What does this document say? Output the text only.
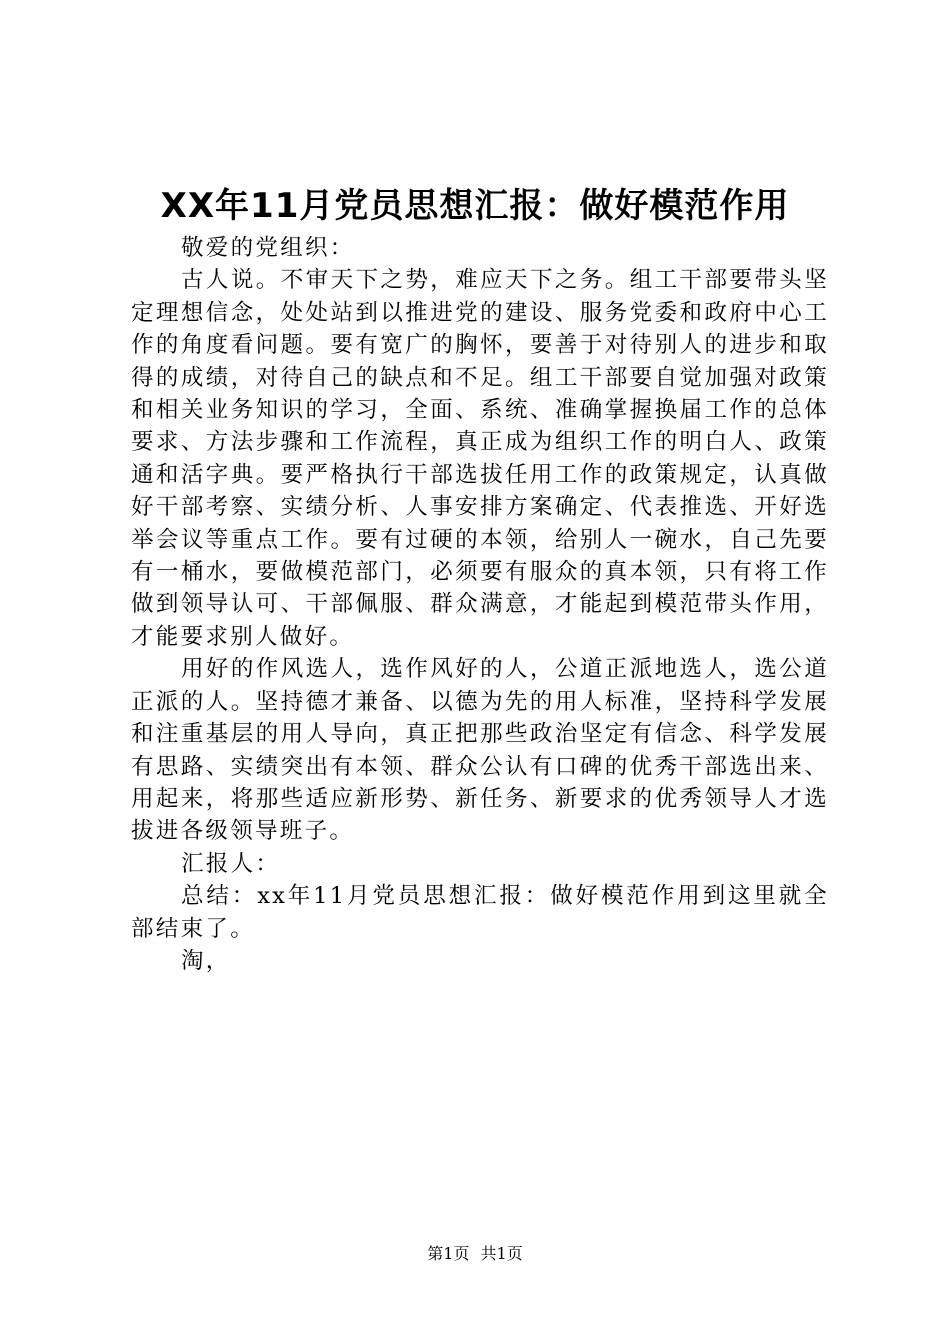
XX年11月党员思想汇报：做好模范作用

敬爱的党组织：

古人说。不审天下之势，难应天下之务。组工干部要带头坚定理想信念，处处站到以推进党的建设、服务党委和政府中心工作的角度看问题。要有宽广的胸怀，要善于对待别人的进步和取得的成绩，对待自己的缺点和不足。组工干部要自觉加强对政策和相关业务知识的学习，全面、系统、准确掌握换届工作的总体要求、方法步骤和工作流程，真正成为组织工作的明白人、政策通和活字典。要严格执行干部选拔任用工作的政策规定，认真做好干部考察、实绩分析、人事安排方案确定、代表推选、开好选举会议等重点工作。要有过硬的本领，给别人一碗水，自己先要有一桶水，要做模范部门，必须要有服众的真本领，只有将工作做到领导认可、干部佩服、群众满意，才能起到模范带头作用，才能要求别人做好。

用好的作风选人，选作风好的人，公道正派地选人，选公道正派的人。坚持德才兼备、以德为先的用人标准，坚持科学发展和注重基层的用人导向，真正把那些政治坚定有信念、科学发展有思路、实绩突出有本领、群众公认有口碑的优秀干部选出来、用起来，将那些适应新形势、新任务、新要求的优秀领导人才选拔进各级领导班子。

汇报人：

总结：xx年11月党员思想汇报：做好模范作用到这里就全部结束了。

淘，

第1页 共1页
